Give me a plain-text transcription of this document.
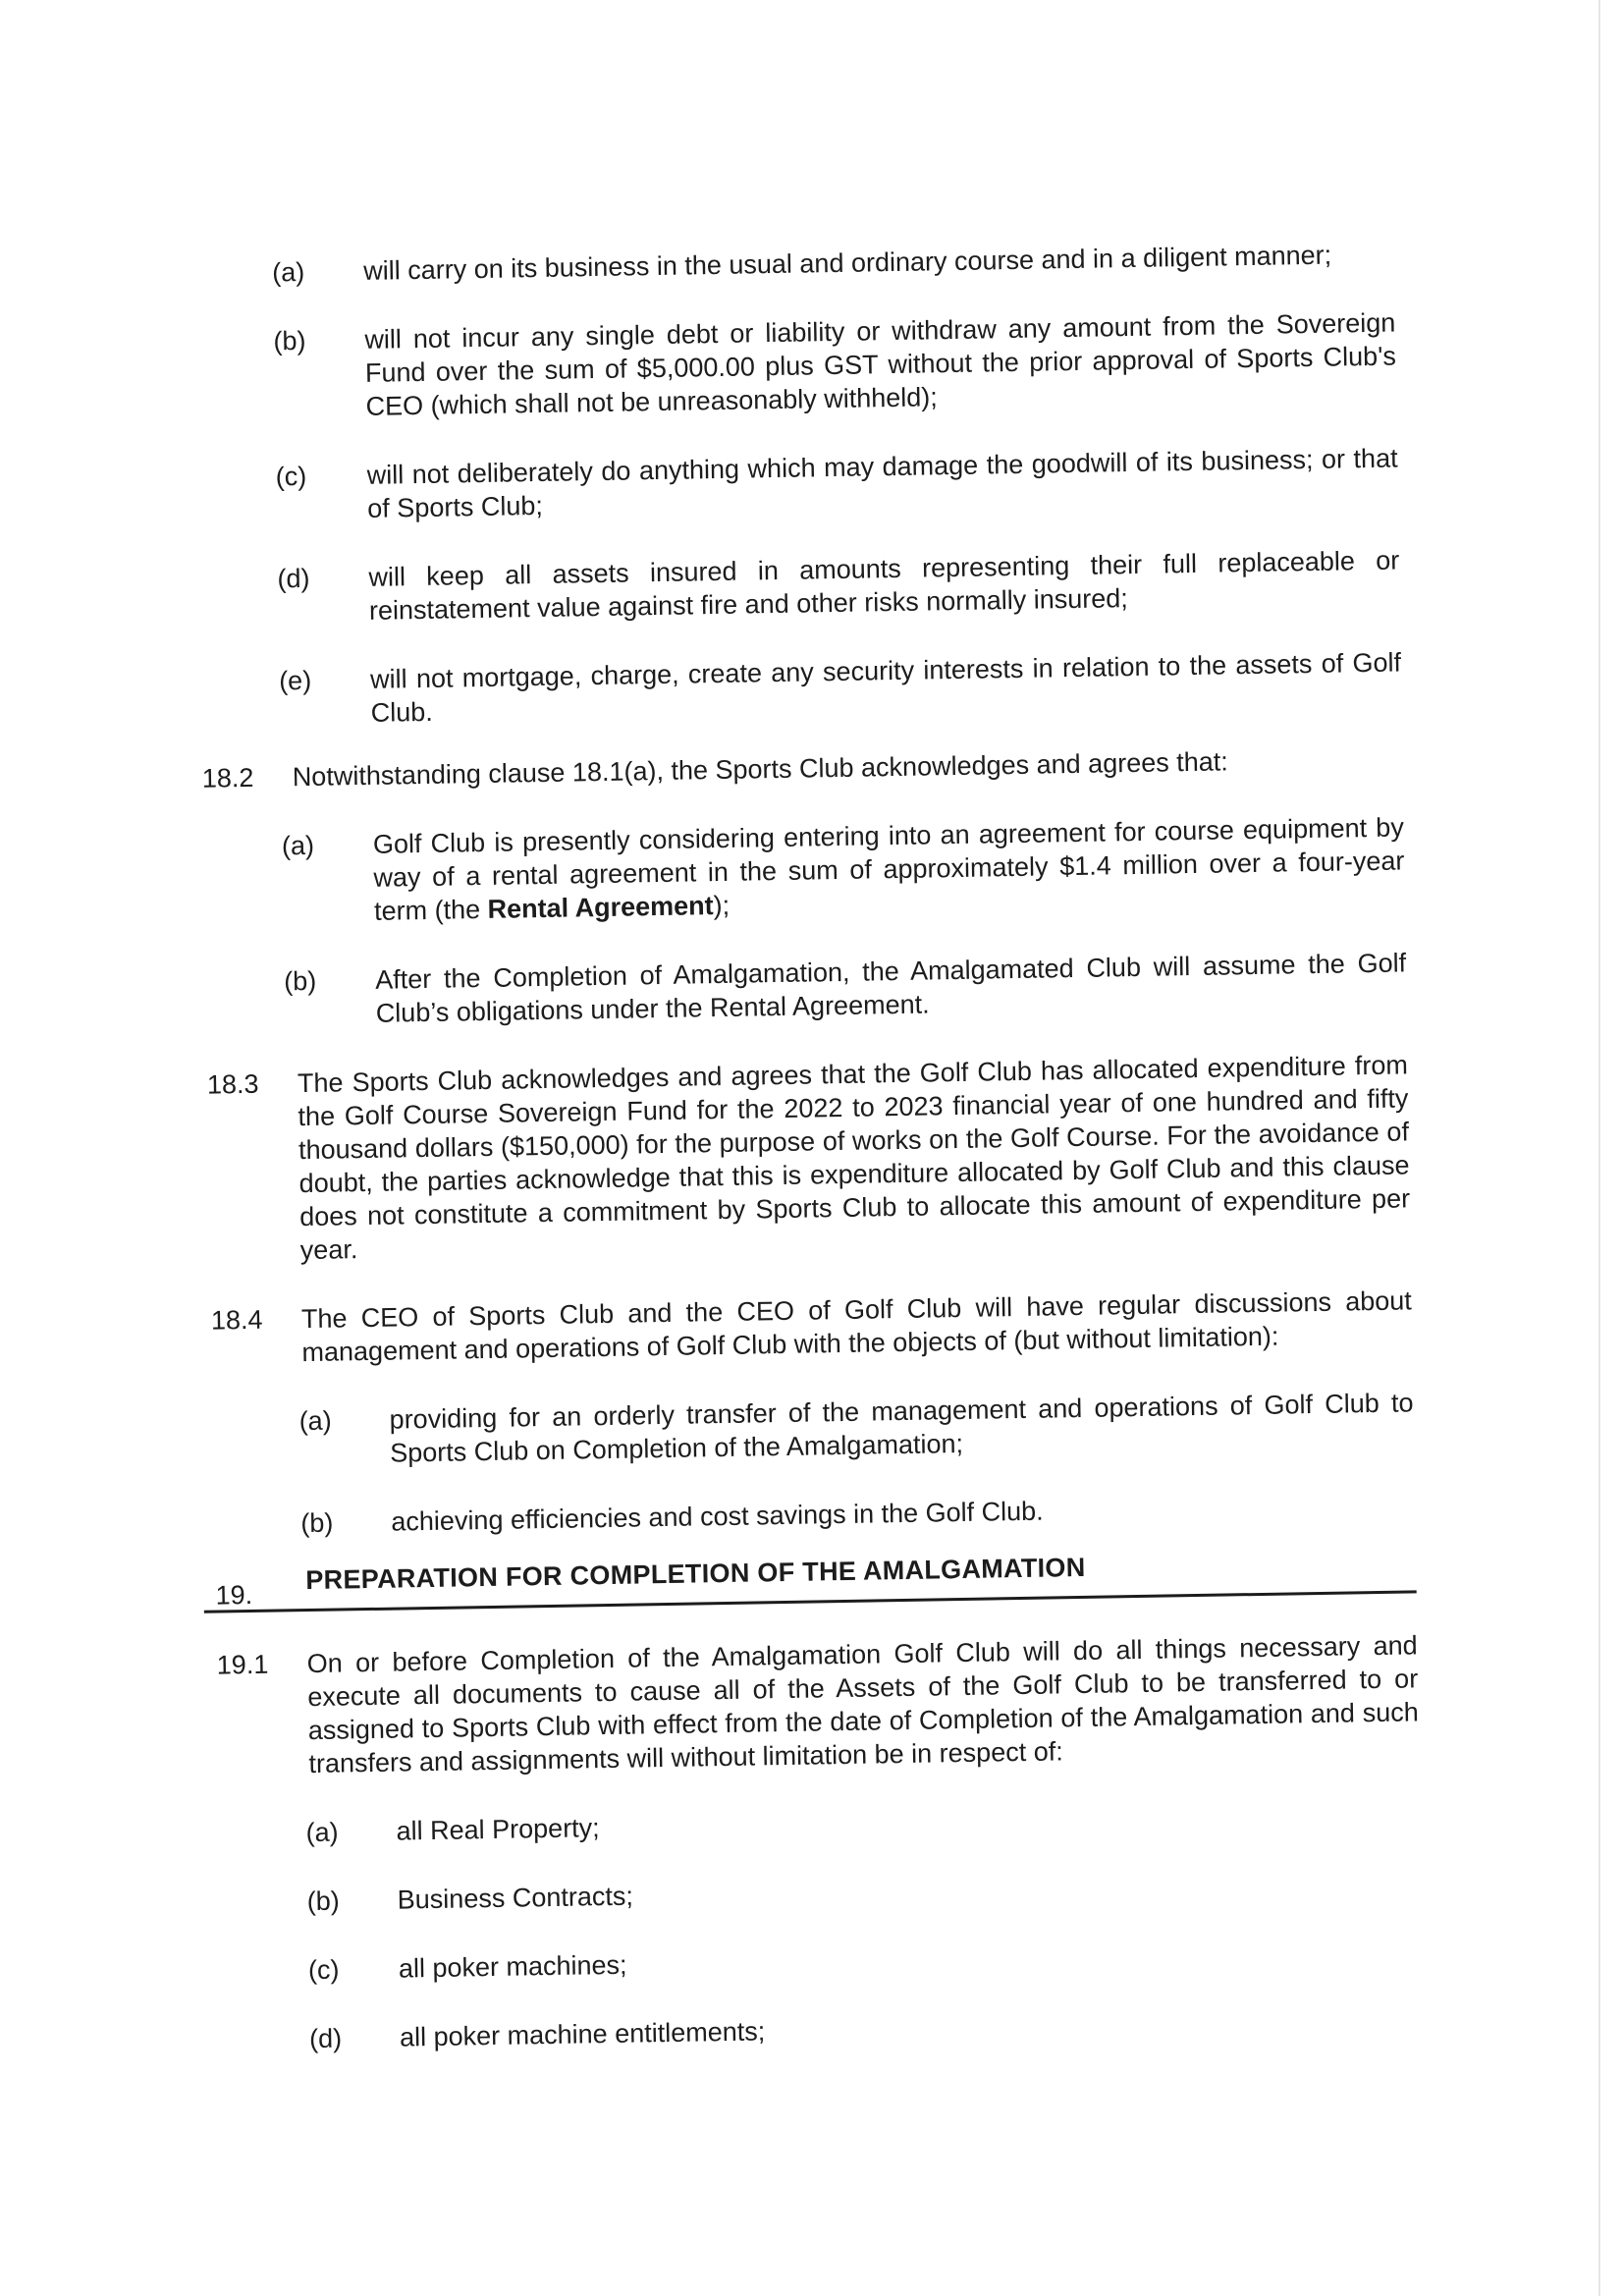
(a) will carry on its business in the usual and ordinary course and in a diligent manner;
(b) will not incur any single debt or liability or withdraw any amount from the Sovereign Fund over the sum of $5,000.00 plus GST without the prior approval of Sports Club's CEO (which shall not be unreasonably withheld);
(c) will not deliberately do anything which may damage the goodwill of its business; or that of Sports Club;
(d) will keep all assets insured in amounts representing their full replaceable or reinstatement value against fire and other risks normally insured;
(e) will not mortgage, charge, create any security interests in relation to the assets of Golf Club.
18.2 Notwithstanding clause 18.1(a), the Sports Club acknowledges and agrees that:
(a) Golf Club is presently considering entering into an agreement for course equipment by way of a rental agreement in the sum of approximately $1.4 million over a four-year term (the Rental Agreement);
(b) After the Completion of Amalgamation, the Amalgamated Club will assume the Golf Club’s obligations under the Rental Agreement.
18.3 The Sports Club acknowledges and agrees that the Golf Club has allocated expenditure from the Golf Course Sovereign Fund for the 2022 to 2023 financial year of one hundred and fifty thousand dollars ($150,000) for the purpose of works on the Golf Course. For the avoidance of doubt, the parties acknowledge that this is expenditure allocated by Golf Club and this clause does not constitute a commitment by Sports Club to allocate this amount of expenditure per year.
18.4 The CEO of Sports Club and the CEO of Golf Club will have regular discussions about management and operations of Golf Club with the objects of (but without limitation):
(a) providing for an orderly transfer of the management and operations of Golf Club to Sports Club on Completion of the Amalgamation;
(b) achieving efficiencies and cost savings in the Golf Club.
19.
PREPARATION FOR COMPLETION OF THE AMALGAMATION
19.1 On or before Completion of the Amalgamation Golf Club will do all things necessary and execute all documents to cause all of the Assets of the Golf Club to be transferred to or assigned to Sports Club with effect from the date of Completion of the Amalgamation and such transfers and assignments will without limitation be in respect of:
(a) all Real Property;
(b) Business Contracts;
(c) all poker machines;
(d) all poker machine entitlements;
